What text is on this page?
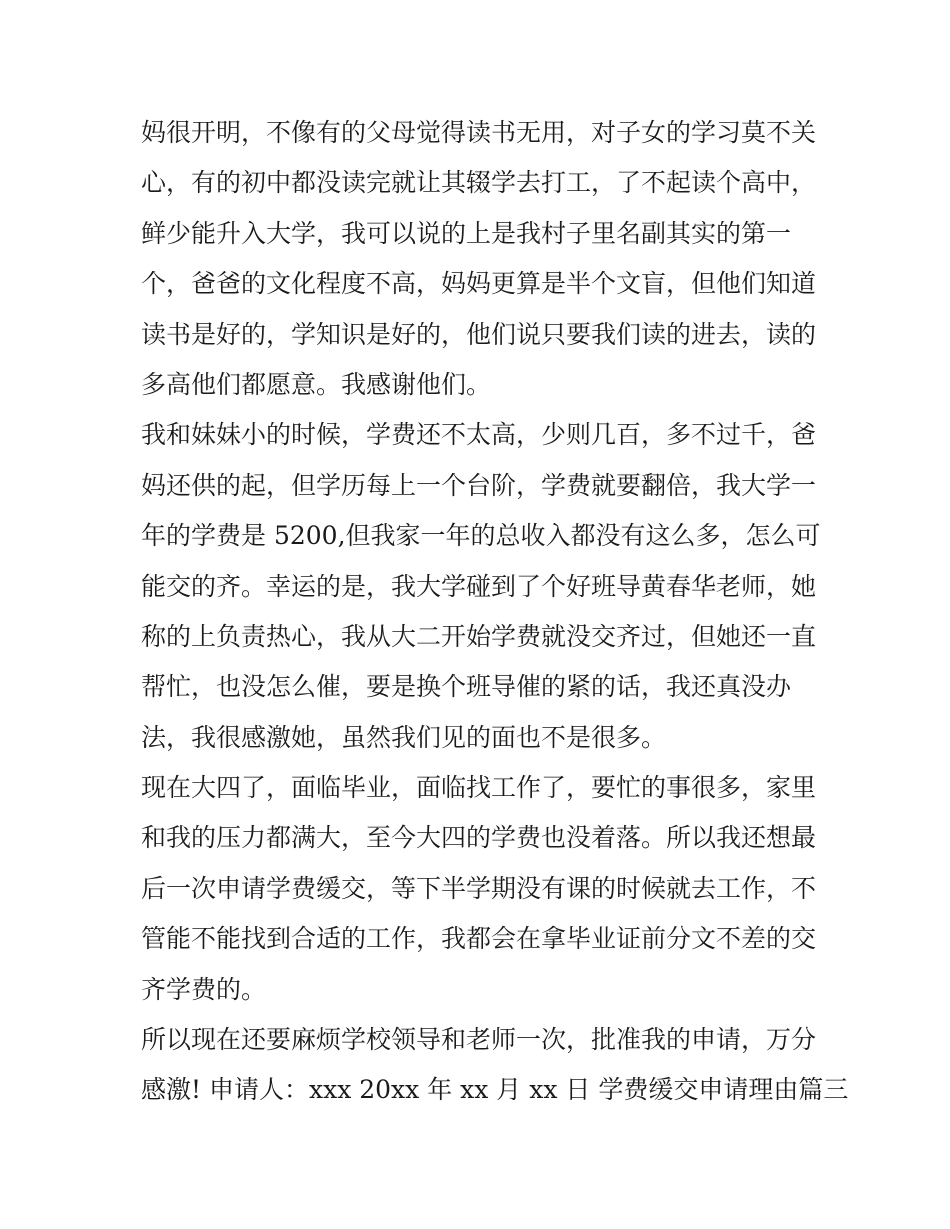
妈很开明，不像有的父母觉得读书无用，对子女的学习莫不关
心，有的初中都没读完就让其辍学去打工，了不起读个高中，
鲜少能升入大学，我可以说的上是我村子里名副其实的第一
个，爸爸的文化程度不高，妈妈更算是半个文盲，但他们知道
读书是好的，学知识是好的，他们说只要我们读的进去，读的
多高他们都愿意。我感谢他们。
我和妹妹小的时候，学费还不太高，少则几百，多不过千，爸
妈还供的起，但学历每上一个台阶，学费就要翻倍，我大学一
年的学费是 5200,但我家一年的总收入都没有这么多，怎么可
能交的齐。幸运的是，我大学碰到了个好班导黄春华老师，她
称的上负责热心，我从大二开始学费就没交齐过，但她还一直
帮忙，也没怎么催，要是换个班导催的紧的话，我还真没办
法，我很感激她，虽然我们见的面也不是很多。
现在大四了，面临毕业，面临找工作了，要忙的事很多，家里
和我的压力都满大，至今大四的学费也没着落。所以我还想最
后一次申请学费缓交，等下半学期没有课的时候就去工作，不
管能不能找到合适的工作，我都会在拿毕业证前分文不差的交
齐学费的。
所以现在还要麻烦学校领导和老师一次，批准我的申请，万分
感激! 申请人：xxx 20xx 年 xx 月 xx 日 学费缓交申请理由篇三
